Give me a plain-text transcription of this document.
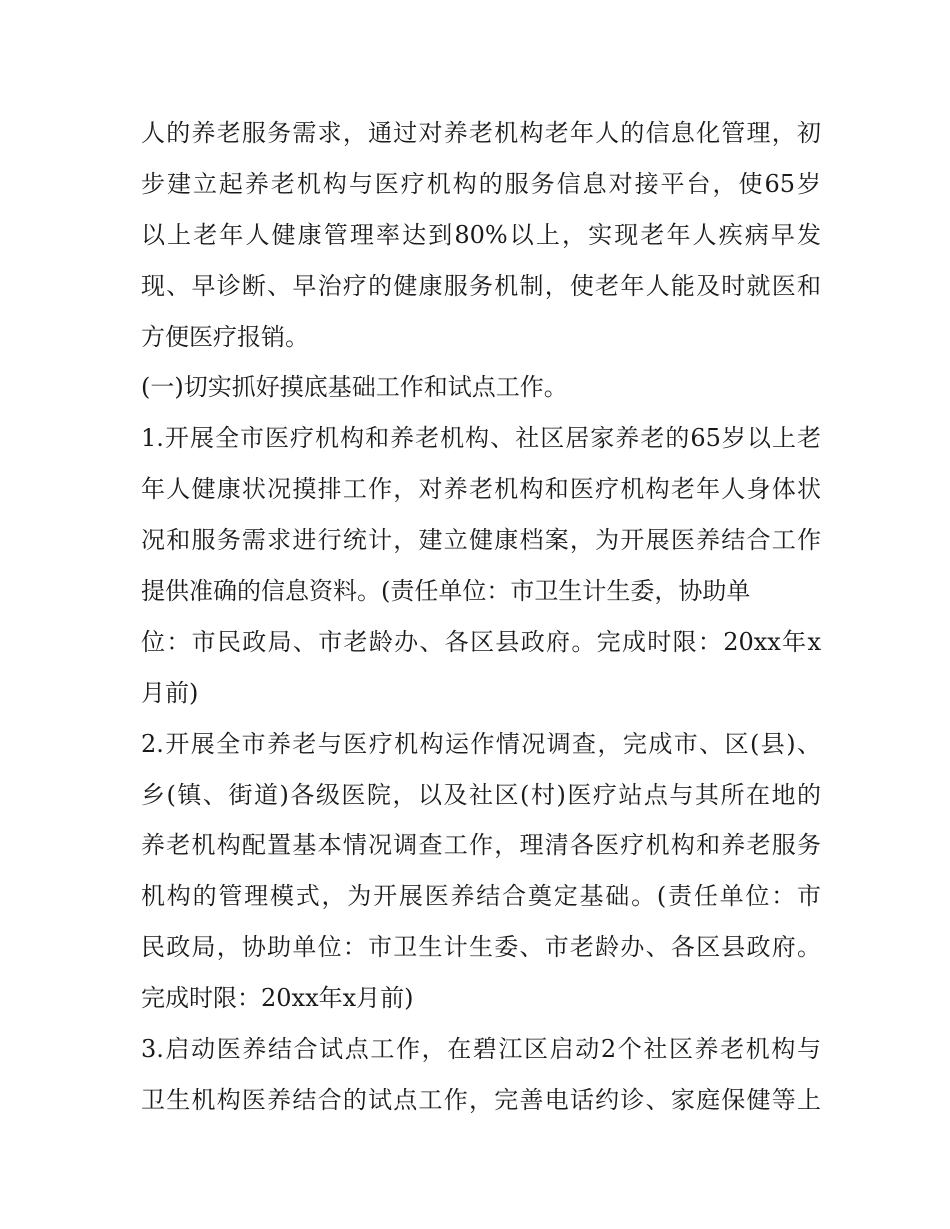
人的养老服务需求，通过对养老机构老年人的信息化管理，初
步建立起养老机构与医疗机构的服务信息对接平台，使65岁
以上老年人健康管理率达到80%以上，实现老年人疾病早发
现、早诊断、早治疗的健康服务机制，使老年人能及时就医和
方便医疗报销。
(一)切实抓好摸底基础工作和试点工作。
1.开展全市医疗机构和养老机构、社区居家养老的65岁以上老
年人健康状况摸排工作，对养老机构和医疗机构老年人身体状
况和服务需求进行统计，建立健康档案，为开展医养结合工作
提供准确的信息资料。(责任单位：市卫生计生委，协助单
位：市民政局、市老龄办、各区县政府。完成时限：20xx年x
月前)
2.开展全市养老与医疗机构运作情况调查，完成市、区(县)、
乡(镇、街道)各级医院，以及社区(村)医疗站点与其所在地的
养老机构配置基本情况调查工作，理清各医疗机构和养老服务
机构的管理模式，为开展医养结合奠定基础。(责任单位：市
民政局，协助单位：市卫生计生委、市老龄办、各区县政府。
完成时限：20xx年x月前)
3.启动医养结合试点工作，在碧江区启动2个社区养老机构与
卫生机构医养结合的试点工作，完善电话约诊、家庭保健等上
